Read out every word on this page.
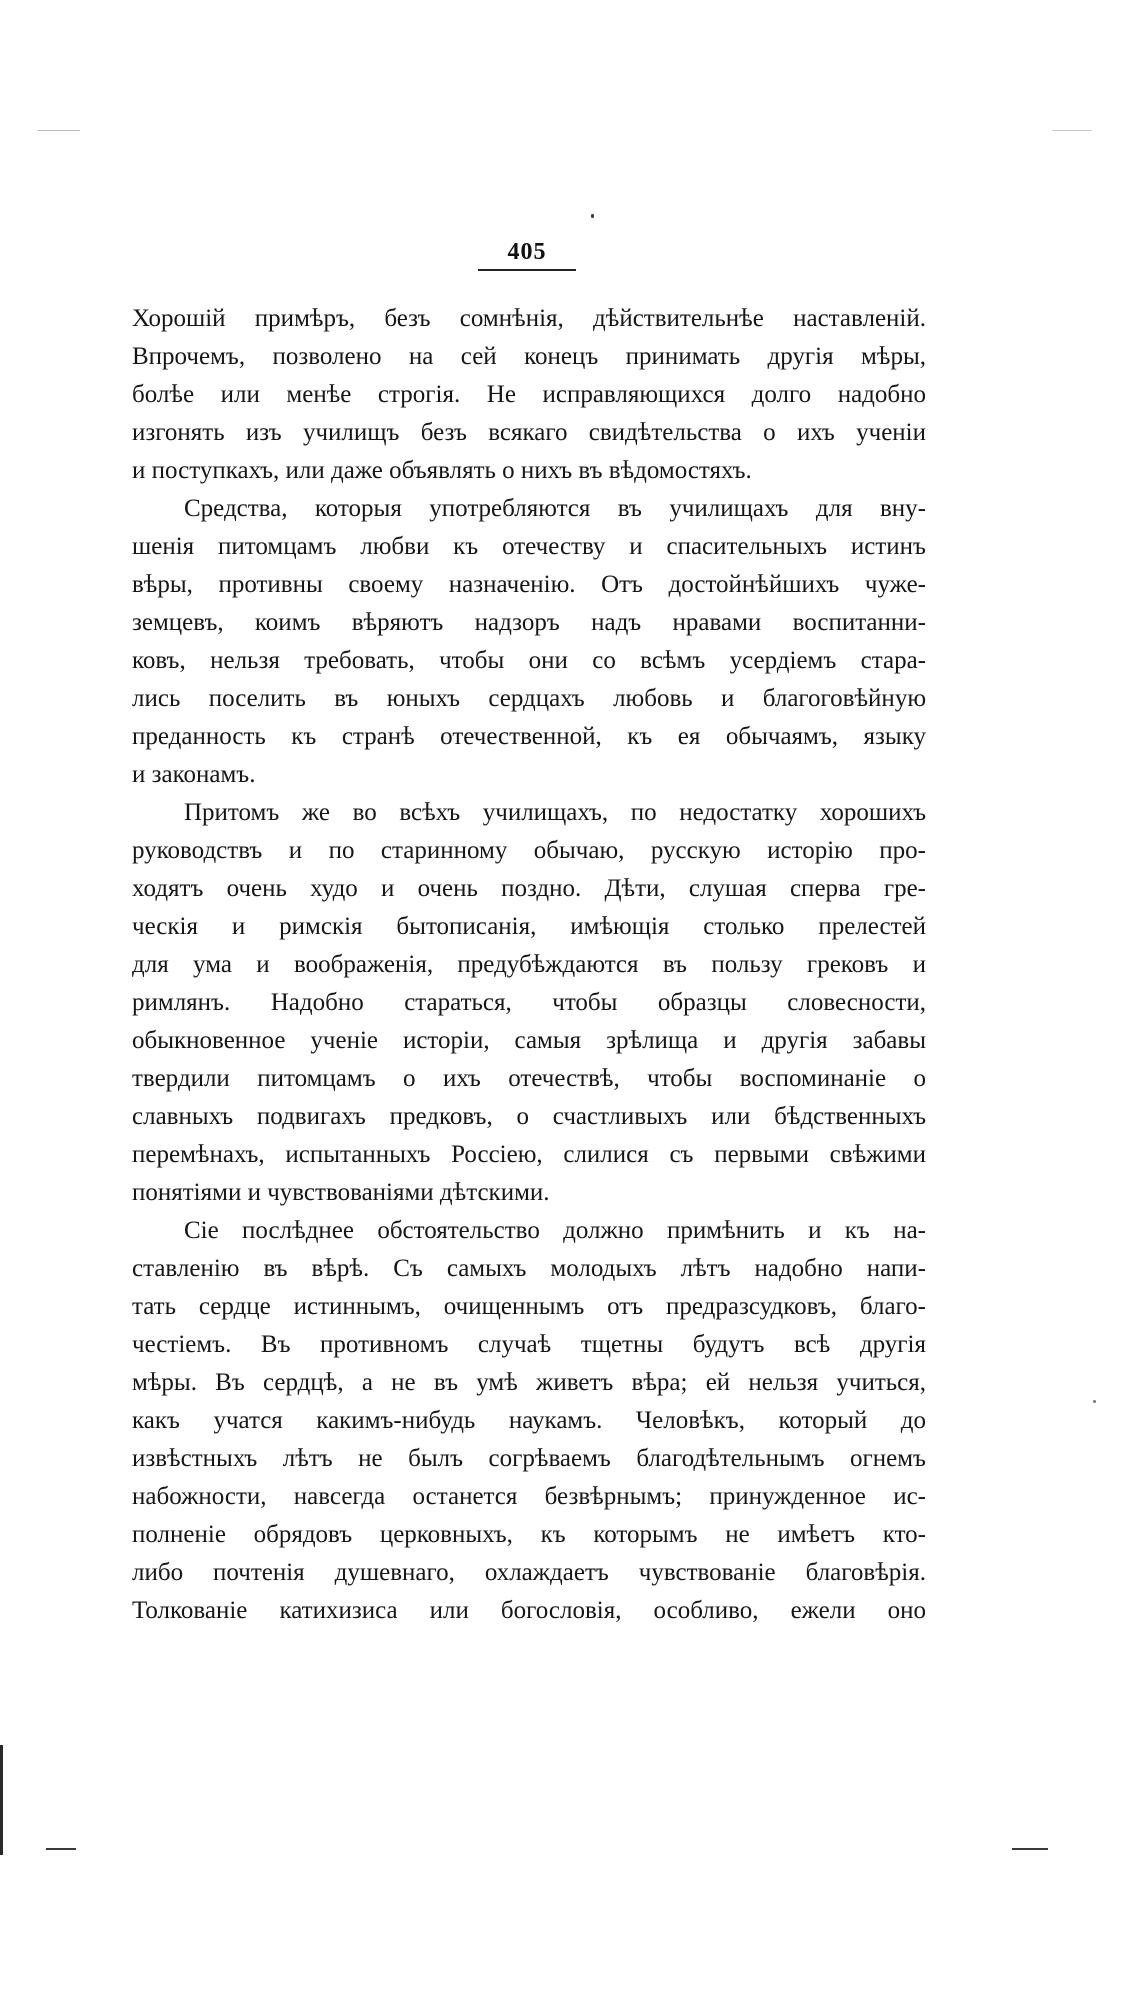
405
Хорошій примѣръ, безъ сомнѣнія, дѣйствительнѣе наставленій.
Впрочемъ, позволено на сей конецъ принимать другія мѣры,
болѣе или менѣе строгія. Не исправляющихся долго надобно
изгонять изъ училищъ безъ всякаго свидѣтельства о ихъ ученіи
и поступкахъ, или даже объявлять о нихъ въ вѣдомостяхъ.
Средства, которыя употребляются въ училищахъ для вну-
шенія питомцамъ любви къ отечеству и спасительныхъ истинъ
вѣры, противны своему назначенію. Отъ достойнѣйшихъ чуже-
земцевъ, коимъ вѣряютъ надзоръ надъ нравами воспитанни-
ковъ, нельзя требовать, чтобы они со всѣмъ усердіемъ стара-
лись поселить въ юныхъ сердцахъ любовь и благоговѣйную
преданность къ странѣ отечественной, къ ея обычаямъ, языку
и законамъ.
Притомъ же во всѣхъ училищахъ, по недостатку хорошихъ
руководствъ и по старинному обычаю, русскую исторію про-
ходятъ очень худо и очень поздно. Дѣти, слушая сперва гре-
ческія и римскія бытописанія, имѣющія столько прелестей
для ума и воображенія, предубѣждаются въ пользу грековъ и
римлянъ. Надобно стараться, чтобы образцы словесности,
обыкновенное ученіе исторіи, самыя зрѣлища и другія забавы
твердили питомцамъ о ихъ отечествѣ, чтобы воспоминаніе о
славныхъ подвигахъ предковъ, о счастливыхъ или бѣдственныхъ
перемѣнахъ, испытанныхъ Россіею, слилися съ первыми свѣжими
понятіями и чувствованіями дѣтскими.
Сіе послѣднее обстоятельство должно примѣнить и къ на-
ставленію въ вѣрѣ. Съ самыхъ молодыхъ лѣтъ надобно напи-
тать сердце истиннымъ, очищеннымъ отъ предразсудковъ, благо-
честіемъ. Въ противномъ случаѣ тщетны будутъ всѣ другія
мѣры. Въ сердцѣ, а не въ умѣ живетъ вѣра; ей нельзя учиться,
какъ учатся какимъ-нибудь наукамъ. Человѣкъ, который до
извѣстныхъ лѣтъ не былъ согрѣваемъ благодѣтельнымъ огнемъ
набожности, навсегда останется безвѣрнымъ; принужденное ис-
полненіе обрядовъ церковныхъ, къ которымъ не имѣетъ кто-
либо почтенія душевнаго, охлаждаетъ чувствованіе благовѣрія.
Толкованіе катихизиса или богословія, особливо, ежели оно
